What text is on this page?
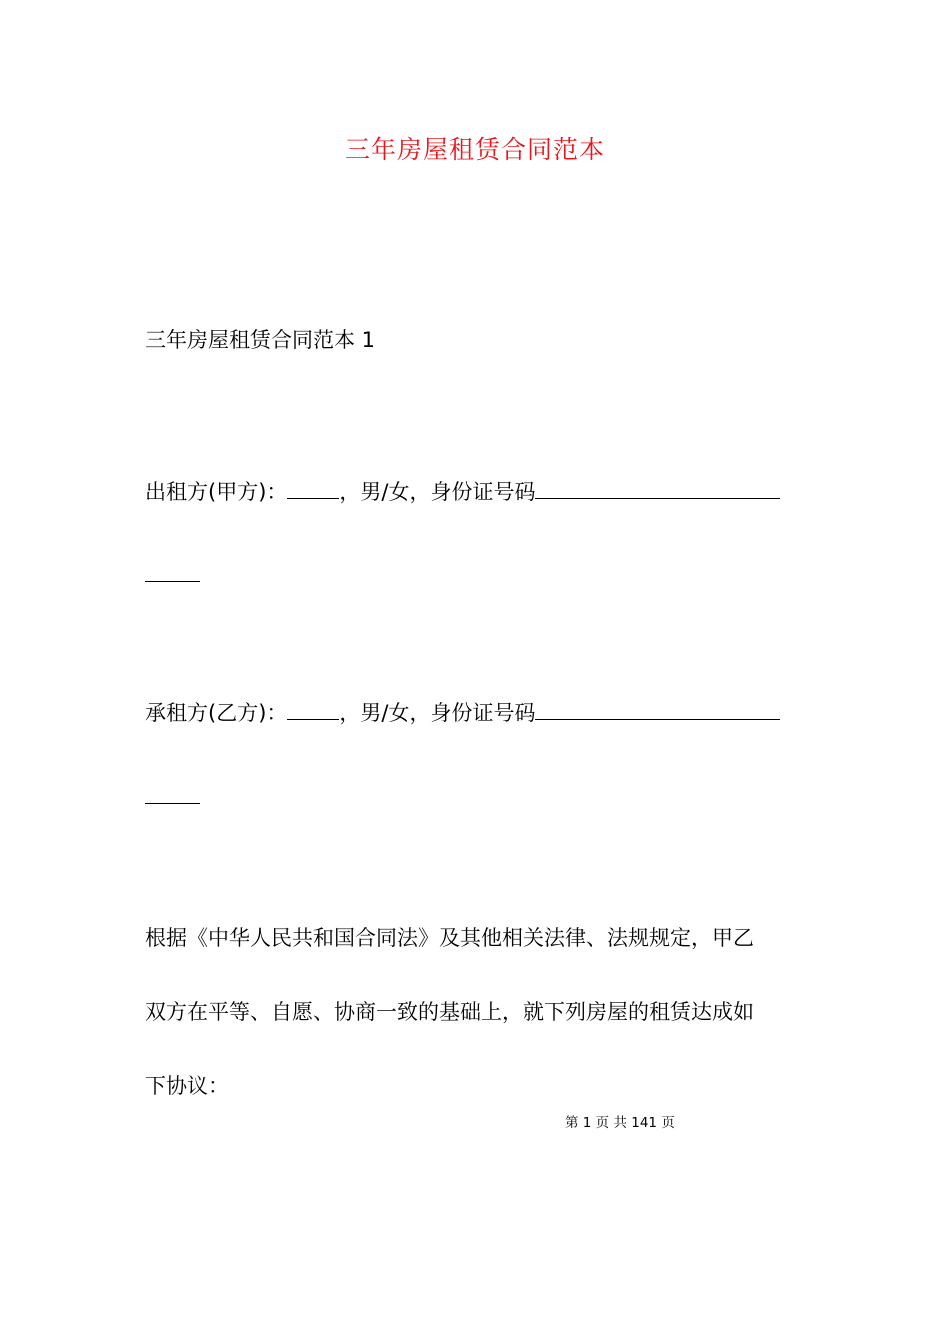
三年房屋租赁合同范本
三年房屋租赁合同范本 1
出租方(甲方)： ，男/女，身份证号码
承租方(乙方)： ，男/女，身份证号码
根据《中华人民共和国合同法》及其他相关法律、法规规定，甲乙
双方在平等、自愿、协商一致的基础上，就下列房屋的租赁达成如
下协议：
第 1 页 共 141 页
